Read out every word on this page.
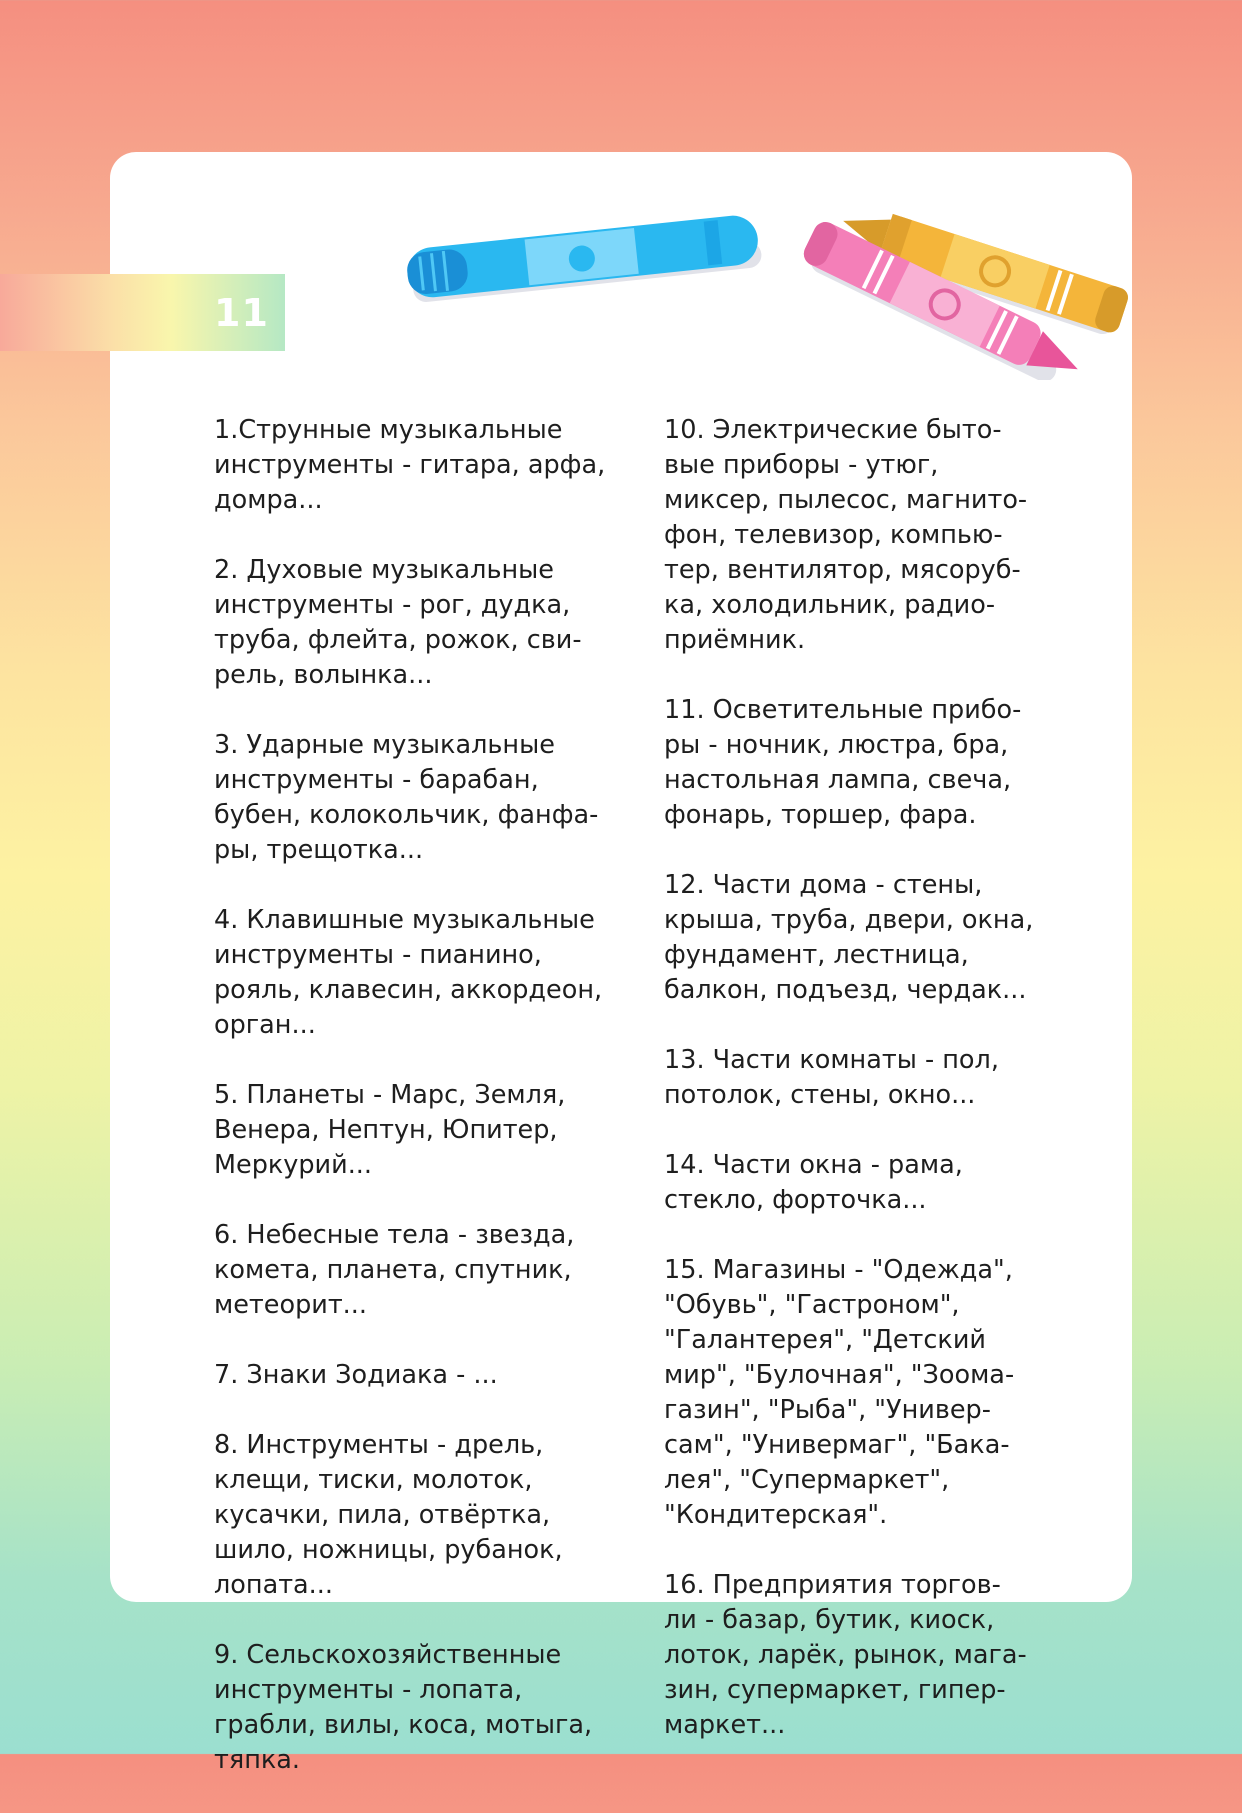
11

1.Струнные музыкальные
инструменты - гитара, арфа,
домра...

2. Духовые музыкальные
инструменты - рог, дудка,
труба, флейта, рожок, сви-
рель, волынка...

3. Ударные музыкальные
инструменты - барабан,
бубен, колокольчик, фанфа-
ры, трещотка...

4. Клавишные музыкальные
инструменты - пианино,
рояль, клавесин, аккордеон,
орган...

5. Планеты - Марс, Земля,
Венера, Нептун, Юпитер,
Меркурий...

6. Небесные тела - звезда,
комета, планета, спутник,
метеорит...

7. Знаки Зодиака - ...

8. Инструменты - дрель,
клещи, тиски, молоток,
кусачки, пила, отвёртка,
шило, ножницы, рубанок,
лопата...

9. Сельскохозяйственные
инструменты - лопата,
грабли, вилы, коса, мотыга,
тяпка.

10. Электрические быто-
вые приборы - утюг,
миксер, пылесос, магнито-
фон, телевизор, компью-
тер, вентилятор, мясоруб-
ка, холодильник, радио-
приёмник.

11. Осветительные прибо-
ры - ночник, люстра, бра,
настольная лампа, свеча,
фонарь, торшер, фара.

12. Части дома - стены,
крыша, труба, двери, окна,
фундамент, лестница,
балкон, подъезд, чердак...

13. Части комнаты - пол,
потолок, стены, окно...

14. Части окна - рама,
стекло, форточка...

15. Магазины - "Одежда",
"Обувь", "Гастроном",
"Галантерея", "Детский
мир", "Булочная", "Зоома-
газин", "Рыба", "Универ-
сам", "Универмаг", "Бака-
лея", "Супермаркет",
"Кондитерская".

16. Предприятия торгов-
ли - базар, бутик, киоск,
лоток, ларёк, рынок, мага-
зин, супермаркет, гипер-
маркет...
